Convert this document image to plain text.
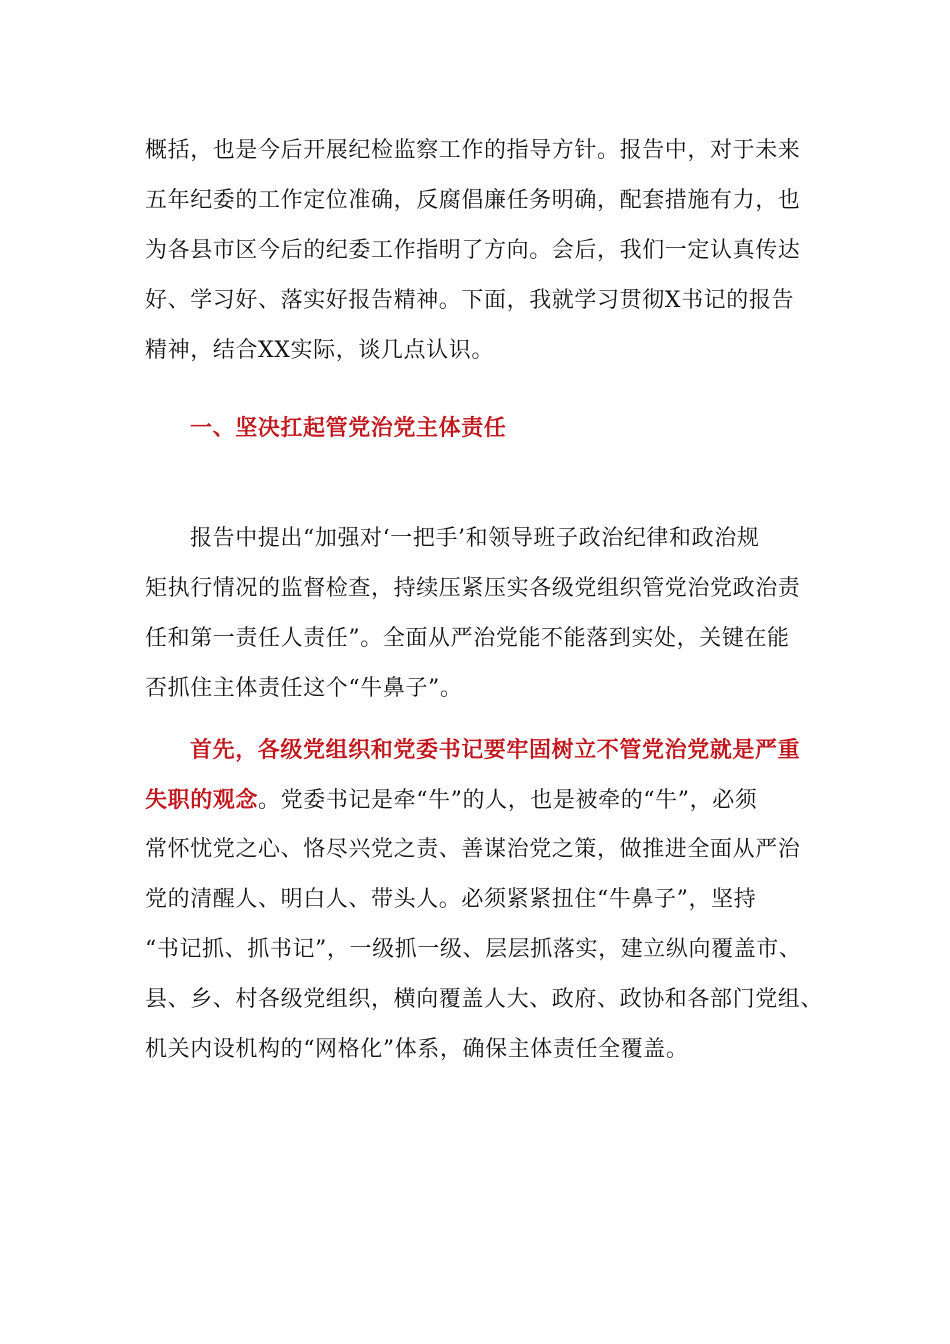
概括，也是今后开展纪检监察工作的指导方针。报告中，对于未来
五年纪委的工作定位准确，反腐倡廉任务明确，配套措施有力，也
为各县市区今后的纪委工作指明了方向。会后，我们一定认真传达
好、学习好、落实好报告精神。下面，我就学习贯彻X书记的报告
精神，结合XX实际，谈几点认识。
一、坚决扛起管党治党主体责任
报告中提出“加强对‘一把手’和领导班子政治纪律和政治规
矩执行情况的监督检查，持续压紧压实各级党组织管党治党政治责
任和第一责任人责任”。全面从严治党能不能落到实处，关键在能
否抓住主体责任这个“牛鼻子”。
首先，各级党组织和党委书记要牢固树立不管党治党就是严重
失职的观念。党委书记是牵“牛”的人，也是被牵的“牛”，必须
常怀忧党之心、恪尽兴党之责、善谋治党之策，做推进全面从严治
党的清醒人、明白人、带头人。必须紧紧扭住“牛鼻子”，坚持
“书记抓、抓书记”，一级抓一级、层层抓落实，建立纵向覆盖市、
县、乡、村各级党组织，横向覆盖人大、政府、政协和各部门党组、
机关内设机构的“网格化”体系，确保主体责任全覆盖。
